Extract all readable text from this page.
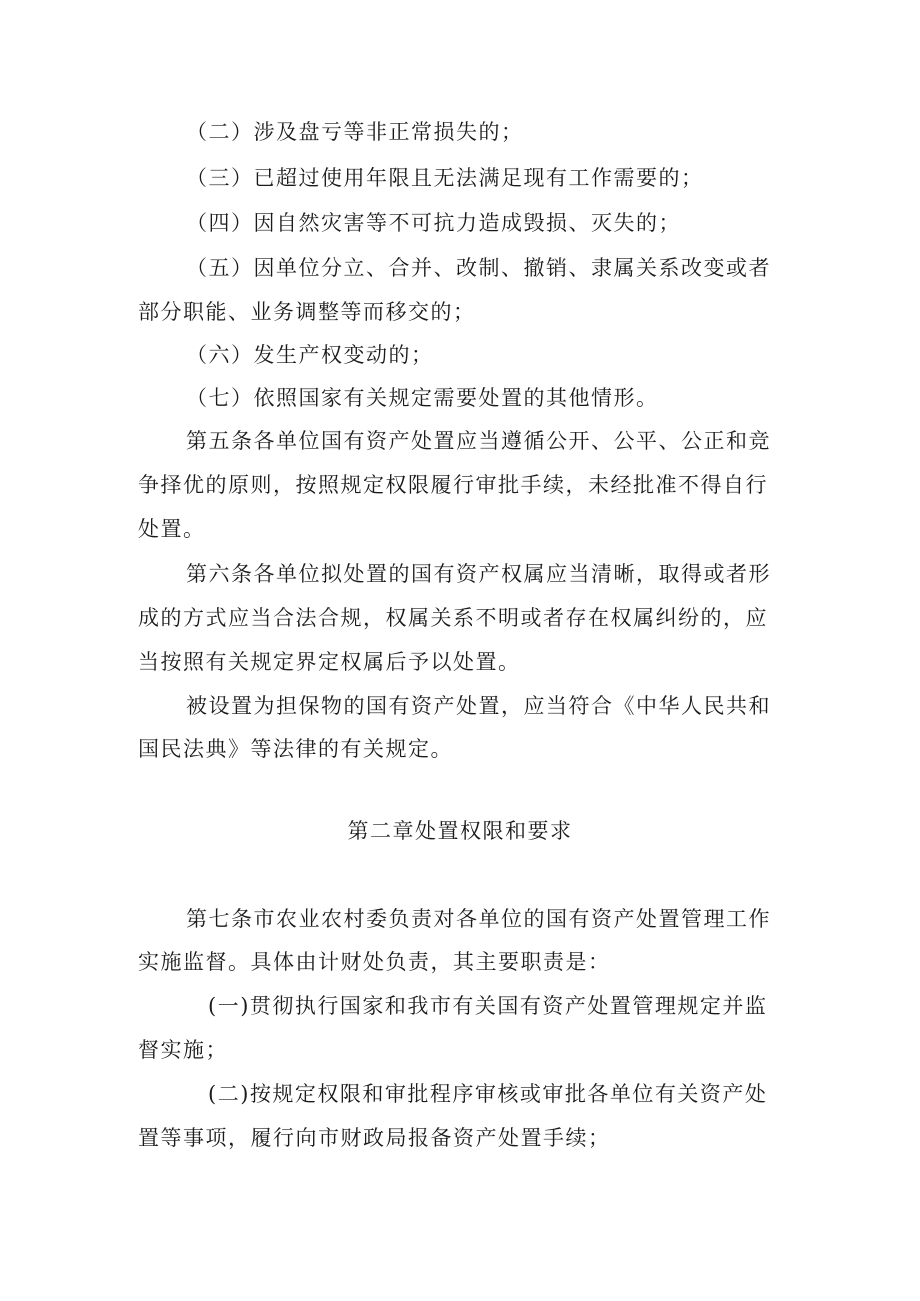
（二）涉及盘亏等非正常损失的；
（三）已超过使用年限且无法满足现有工作需要的；
（四）因自然灾害等不可抗力造成毁损、灭失的；
（五）因单位分立、合并、改制、撤销、隶属关系改变或者
部分职能、业务调整等而移交的；
（六）发生产权变动的；
（七）依照国家有关规定需要处置的其他情形。
第五条各单位国有资产处置应当遵循公开、公平、公正和竞
争择优的原则，按照规定权限履行审批手续，未经批准不得自行
处置。
第六条各单位拟处置的国有资产权属应当清晰，取得或者形
成的方式应当合法合规，权属关系不明或者存在权属纠纷的，应
当按照有关规定界定权属后予以处置。
被设置为担保物的国有资产处置，应当符合《中华人民共和
国民法典》等法律的有关规定。
第二章处置权限和要求
第七条市农业农村委负责对各单位的国有资产处置管理工作
实施监督。具体由计财处负责，其主要职责是：
(一)贯彻执行国家和我市有关国有资产处置管理规定并监
督实施；
(二)按规定权限和审批程序审核或审批各单位有关资产处
置等事项，履行向市财政局报备资产处置手续；
